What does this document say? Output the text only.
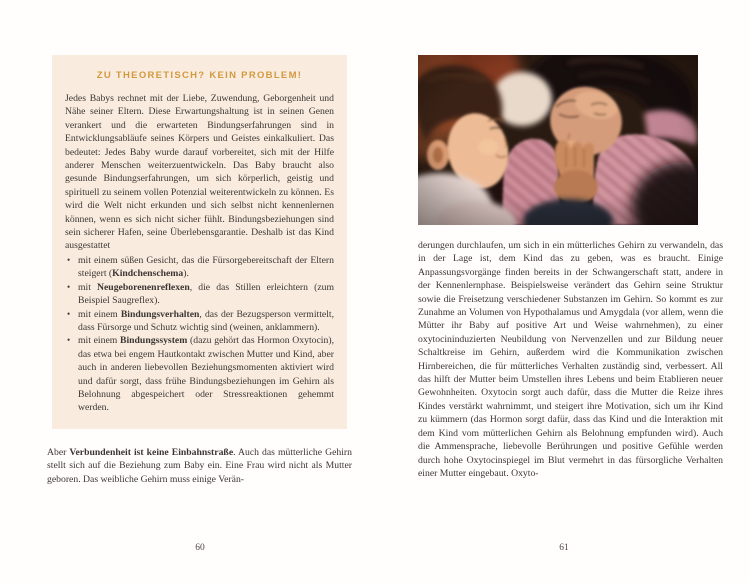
ZU THEORETISCH? KEIN PROBLEM!

Jedes Babys rechnet mit der Liebe, Zuwendung, Geborgenheit und Nähe seiner Eltern. Diese Erwartungshaltung ist in seinen Genen verankert und die erwarteten Bindungserfahrungen sind in Entwicklungsabläufe seines Körpers und Geistes einkalkuliert. Das bedeutet: Jedes Baby wurde darauf vorbereitet, sich mit der Hilfe anderer Menschen weiterzuentwickeln. Das Baby braucht also gesunde Bindungserfahrungen, um sich körperlich, geistig und spirituell zu seinem vollen Potenzial weiterentwickeln zu können. Es wird die Welt nicht erkunden und sich selbst nicht kennenlernen können, wenn es sich nicht sicher fühlt. Bindungsbeziehungen sind sein sicherer Hafen, seine Überlebensgarantie. Deshalb ist das Kind ausgestattet

• mit einem süßen Gesicht, das die Fürsorgebereitschaft der Eltern steigert (Kindchenschema).
• mit Neugeborenenreflexen, die das Stillen erleichtern (zum Beispiel Saugreflex).
• mit einem Bindungsverhalten, das der Bezugsperson vermittelt, dass Fürsorge und Schutz wichtig sind (weinen, anklammern).
• mit einem Bindungssystem (dazu gehört das Hormon Oxytocin), das etwa bei engem Hautkontakt zwischen Mutter und Kind, aber auch in anderen liebevollen Beziehungsmomenten aktiviert wird und dafür sorgt, dass frühe Bindungsbeziehungen im Gehirn als Belohnung abgespeichert oder Stressreaktionen gehemmt werden.

Aber Verbundenheit ist keine Einbahnstraße. Auch das mütterliche Gehirn stellt sich auf die Beziehung zum Baby ein. Eine Frau wird nicht als Mutter geboren. Das weibliche Gehirn muss einige Verän-

derungen durchlaufen, um sich in ein mütterliches Gehirn zu verwandeln, das in der Lage ist, dem Kind das zu geben, was es braucht. Einige Anpassungsvorgänge finden bereits in der Schwangerschaft statt, andere in der Kennenlernphase. Beispielsweise verändert das Gehirn seine Struktur sowie die Freisetzung verschiedener Substanzen im Gehirn. So kommt es zur Zunahme an Volumen von Hypothalamus und Amygdala (vor allem, wenn die Mütter ihr Baby auf positive Art und Weise wahrnehmen), zu einer oxytocininduzierten Neubildung von Nervenzellen und zur Bildung neuer Schaltkreise im Gehirn, außerdem wird die Kommunikation zwischen Hirnbereichen, die für mütterliches Verhalten zuständig sind, verbessert. All das hilft der Mutter beim Umstellen ihres Lebens und beim Etablieren neuer Gewohnheiten. Oxytocin sorgt auch dafür, dass die Mutter die Reize ihres Kindes verstärkt wahrnimmt, und steigert ihre Motivation, sich um ihr Kind zu kümmern (das Hormon sorgt dafür, dass das Kind und die Interaktion mit dem Kind vom mütterlichen Gehirn als Belohnung empfunden wird). Auch die Ammensprache, liebevolle Berührungen und positive Gefühle werden durch hohe Oxytocinspiegel im Blut vermehrt in das fürsorgliche Verhalten einer Mutter eingebaut. Oxyto-

60	61
